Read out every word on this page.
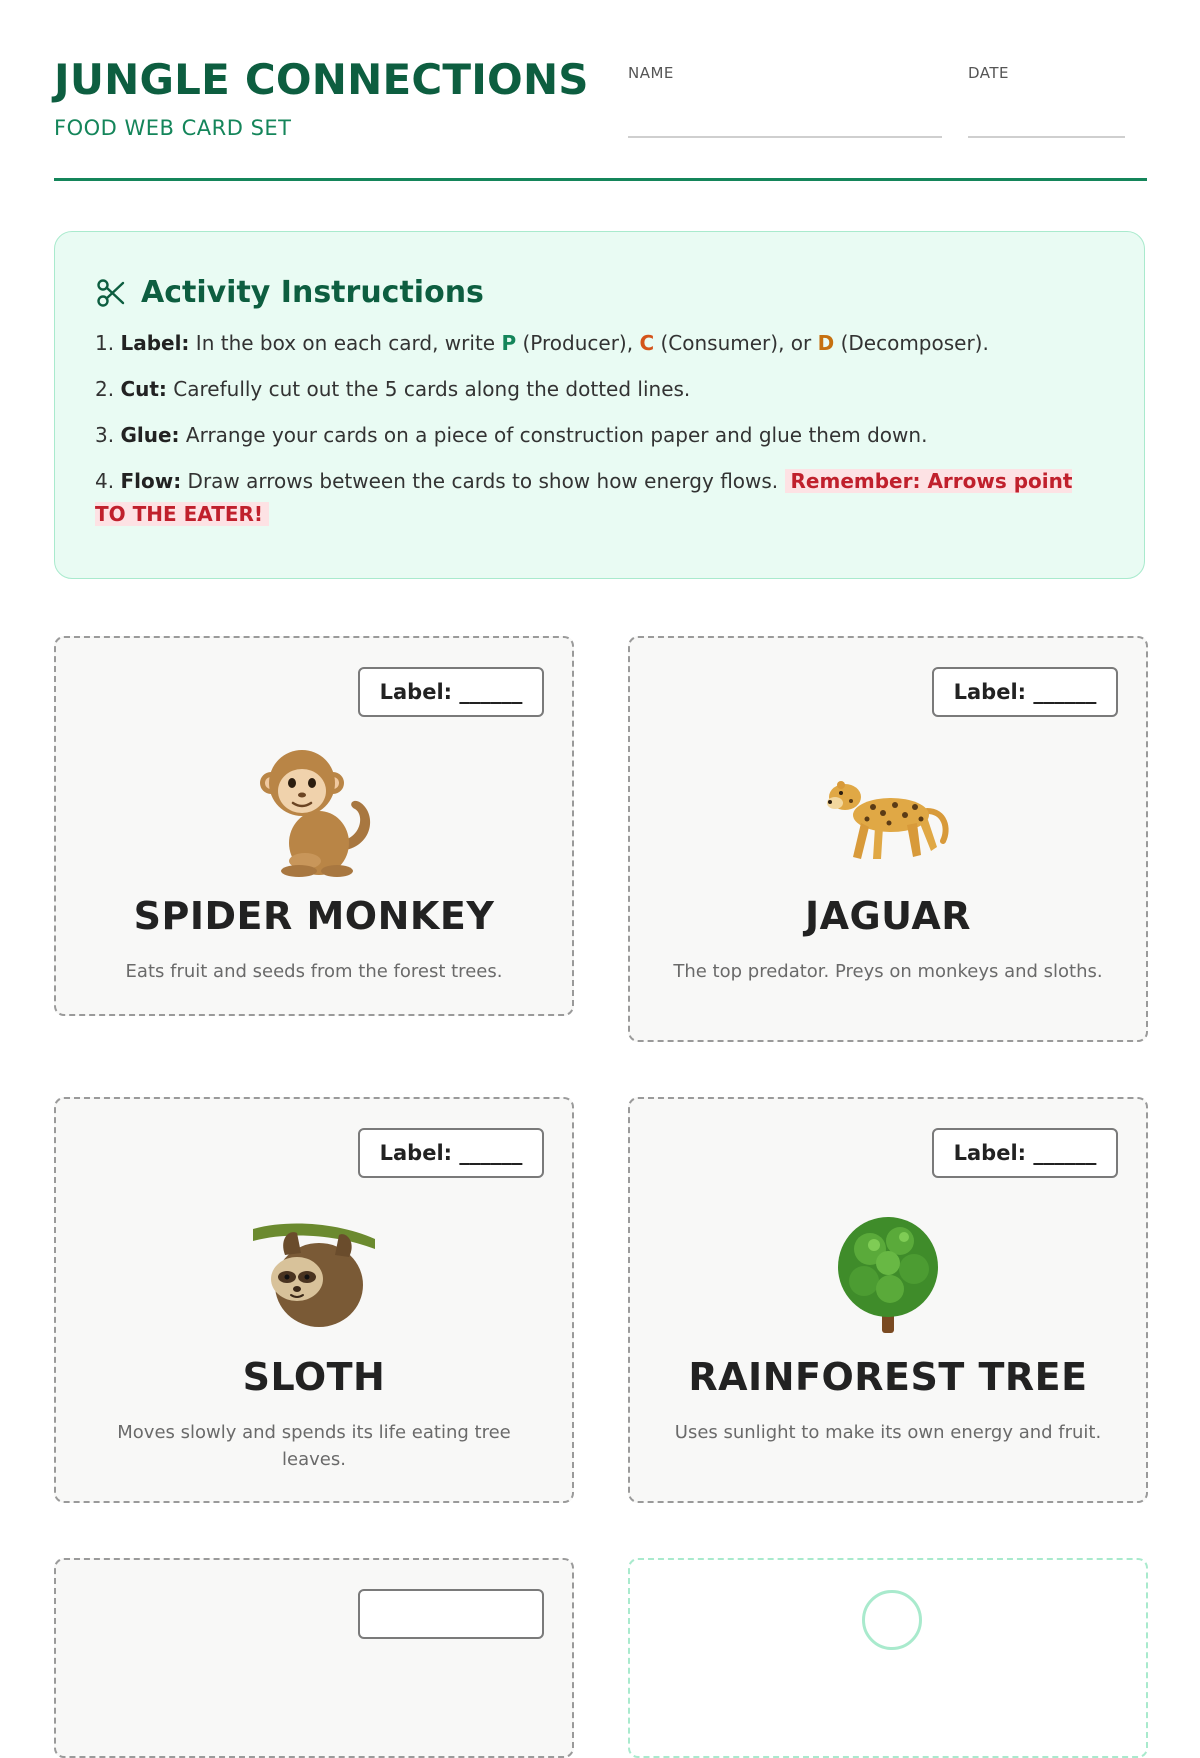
JUNGLE CONNECTIONS
FOOD WEB CARD SET
NAME	DATE
Activity Instructions
1. Label: In the box on each card, write P (Producer), C (Consumer), or D (Decomposer).
2. Cut: Carefully cut out the 5 cards along the dotted lines.
3. Glue: Arrange your cards on a piece of construction paper and glue them down.
4. Flow: Draw arrows between the cards to show how energy flows. Remember: Arrows point TO THE EATER!
Label: ______
SPIDER MONKEY
Eats fruit and seeds from the forest trees.
Label: ______
JAGUAR
The top predator. Preys on monkeys and sloths.
Label: ______
SLOTH
Moves slowly and spends its life eating tree leaves.
Label: ______
RAINFOREST TREE
Uses sunlight to make its own energy and fruit.
